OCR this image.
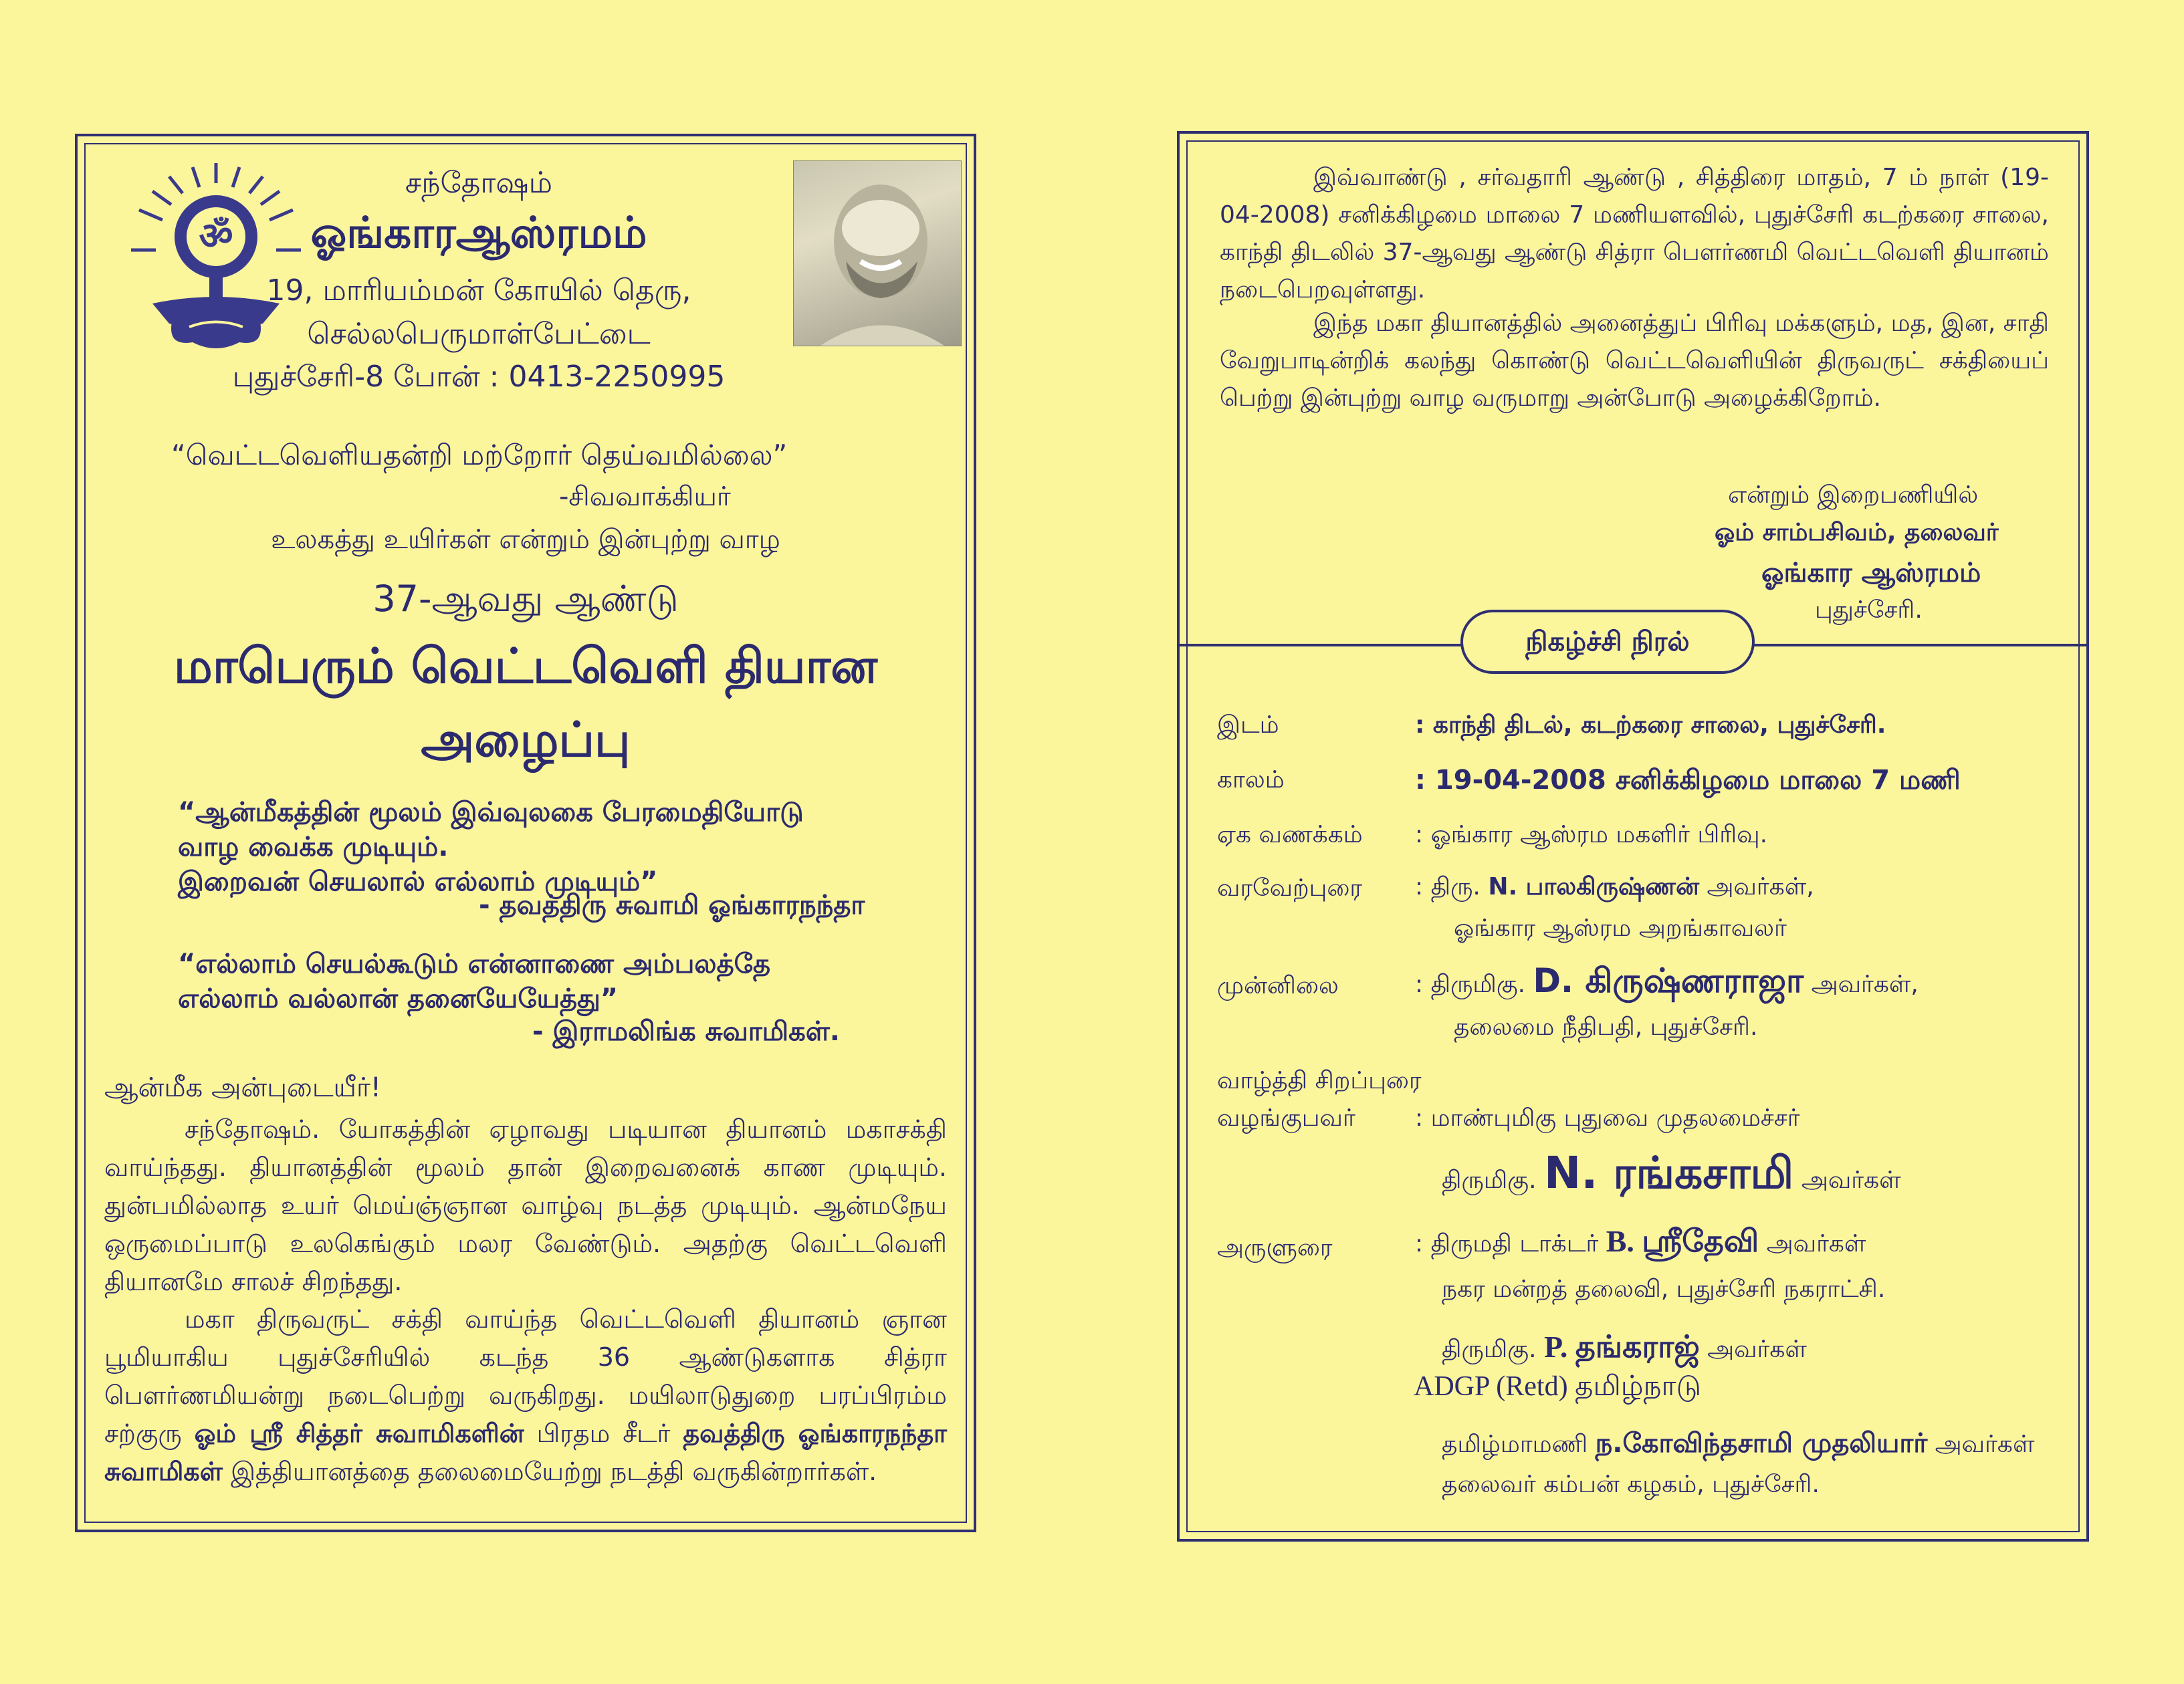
ॐ
சந்தோஷம்
ஓங்காரஆஸ்ரமம்
19, மாரியம்மன் கோயில் தெரு,
செல்லபெருமாள்பேட்டை
புதுச்சேரி-8 போன் : 0413-2250995
“வெட்டவெளியதன்றி மற்றோர் தெய்வமில்லை”
-சிவவாக்கியர்
உலகத்து உயிர்கள் என்றும் இன்புற்று வாழ
37-ஆவது ஆண்டு
மாபெரும் வெட்டவெளி தியான
அழைப்பு
“ஆன்மீகத்தின் மூலம் இவ்வுலகை பேரமைதியோடு
வாழ வைக்க முடியும்.
இறைவன் செயலால் எல்லாம் முடியும்”
- தவத்திரு சுவாமி ஓங்காரநந்தா
“எல்லாம் செயல்கூடும் என்னாணை அம்பலத்தே
எல்லாம் வல்லான் தனையேயேத்து”
- இராமலிங்க சுவாமிகள்.
ஆன்மீக அன்புடையீர்!
சந்தோஷம். யோகத்தின் ஏழாவது படியான தியானம் மகாசக்தி வாய்ந்தது. தியானத்தின் மூலம் தான் இறைவனைக் காண முடியும். துன்பமில்லாத உயர் மெய்ஞ்ஞான வாழ்வு நடத்த முடியும். ஆன்மநேய ஒருமைப்பாடு உலகெங்கும் மலர வேண்டும். அதற்கு வெட்டவெளி தியானமே சாலச் சிறந்தது.
மகா திருவருட் சக்தி வாய்ந்த வெட்டவெளி தியானம் ஞான பூமியாகிய புதுச்சேரியில் கடந்த 36 ஆண்டுகளாக சித்ரா பௌர்ணமியன்று நடைபெற்று வருகிறது. மயிலாடுதுறை பரப்பிரம்ம சற்குரு ஓம் ஸ்ரீ சித்தர் சுவாமிகளின் பிரதம சீடர் தவத்திரு ஓங்காரநந்தா சுவாமிகள் இத்தியானத்தை தலைமையேற்று நடத்தி வருகின்றார்கள்.
இவ்வாண்டு , சர்வதாரி ஆண்டு , சித்திரை மாதம், 7 ம் நாள் (19-04-2008) சனிக்கிழமை மாலை 7 மணியளவில், புதுச்சேரி கடற்கரை சாலை, காந்தி திடலில் 37-ஆவது ஆண்டு சித்ரா பௌர்ணமி வெட்டவெளி தியானம் நடைபெறவுள்ளது.
இந்த மகா தியானத்தில் அனைத்துப் பிரிவு மக்களும், மத, இன, சாதி வேறுபாடின்றிக் கலந்து கொண்டு வெட்டவெளியின் திருவருட் சக்தியைப் பெற்று இன்புற்று வாழ வருமாறு அன்போடு அழைக்கிறோம்.
என்றும் இறைபணியில்
ஓம் சாம்பசிவம், தலைவர்
ஓங்கார ஆஸ்ரமம்
புதுச்சேரி.
நிகழ்ச்சி நிரல்
இடம்	: காந்தி திடல், கடற்கரை சாலை, புதுச்சேரி.
காலம்	: 19-04-2008 சனிக்கிழமை மாலை 7 மணி
ஏக வணக்கம் : ஓங்கார ஆஸ்ரம மகளிர் பிரிவு.
வரவேற்புரை : திரு. N. பாலகிருஷ்ணன் அவர்கள்,
ஓங்கார ஆஸ்ரம அறங்காவலர்
முன்னிலை	: திருமிகு. D. கிருஷ்ணராஜா அவர்கள்,
தலைமை நீதிபதி, புதுச்சேரி.
வாழ்த்தி சிறப்புரை
வழங்குபவர் : மாண்புமிகு புதுவை முதலமைச்சர்
திருமிகு. N. ரங்கசாமி அவர்கள்
அருளுரை	: திருமதி டாக்டர் B. ஸ்ரீதேவி அவர்கள்
நகர மன்றத் தலைவி, புதுச்சேரி நகராட்சி.
திருமிகு. P. தங்கராஜ் அவர்கள்
ADGP (Retd) தமிழ்நாடு
தமிழ்மாமணி ந.கோவிந்தசாமி முதலியார் அவர்கள்
தலைவர் கம்பன் கழகம், புதுச்சேரி.
